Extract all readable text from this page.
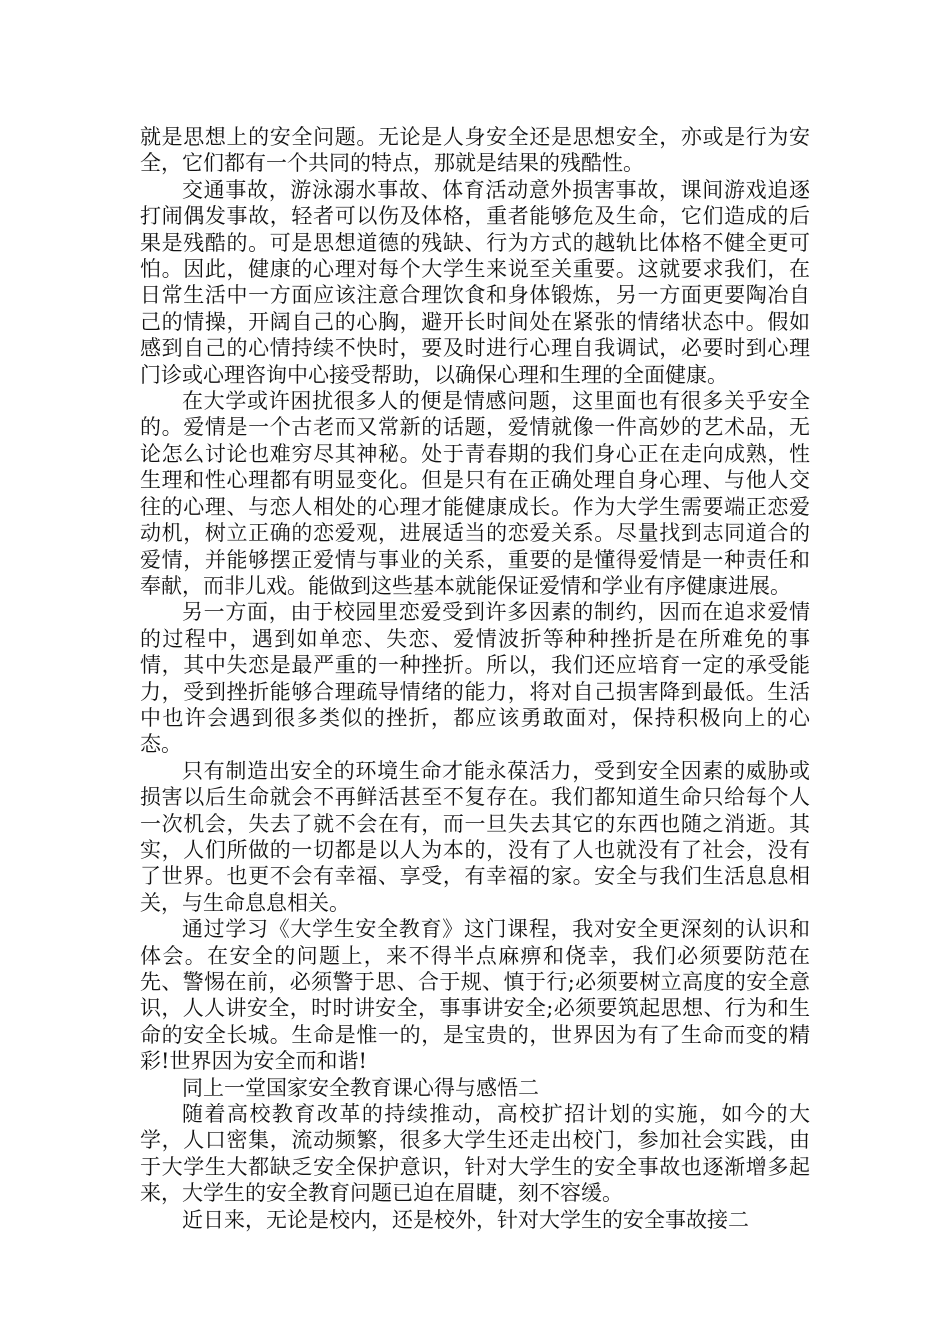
就是思想上的安全问题。无论是人身安全还是思想安全，亦或是行为安全，它们都有一个共同的特点，那就是结果的残酷性。

交通事故，游泳溺水事故、体育活动意外损害事故，课间游戏追逐打闹偶发事故，轻者可以伤及体格，重者能够危及生命，它们造成的后果是残酷的。可是思想道德的残缺、行为方式的越轨比体格不健全更可怕。因此，健康的心理对每个大学生来说至关重要。这就要求我们，在日常生活中一方面应该注意合理饮食和身体锻炼，另一方面更要陶冶自己的情操，开阔自己的心胸，避开长时间处在紧张的情绪状态中。假如感到自己的心情持续不快时，要及时进行心理自我调试，必要时到心理门诊或心理咨询中心接受帮助，以确保心理和生理的全面健康。

在大学或许困扰很多人的便是情感问题，这里面也有很多关乎安全的。爱情是一个古老而又常新的话题，爱情就像一件高妙的艺术品，无论怎么讨论也难穷尽其神秘。处于青春期的我们身心正在走向成熟，性生理和性心理都有明显变化。但是只有在正确处理自身心理、与他人交往的心理、与恋人相处的心理才能健康成长。作为大学生需要端正恋爱动机，树立正确的恋爱观，进展适当的恋爱关系。尽量找到志同道合的爱情，并能够摆正爱情与事业的关系，重要的是懂得爱情是一种责任和奉献，而非儿戏。能做到这些基本就能保证爱情和学业有序健康进展。

另一方面，由于校园里恋爱受到许多因素的制约，因而在追求爱情的过程中，遇到如单恋、失恋、爱情波折等种种挫折是在所难免的事情，其中失恋是最严重的一种挫折。所以，我们还应培育一定的承受能力，受到挫折能够合理疏导情绪的能力，将对自己损害降到最低。生活中也许会遇到很多类似的挫折，都应该勇敢面对，保持积极向上的心态。

只有制造出安全的环境生命才能永葆活力，受到安全因素的威胁或损害以后生命就会不再鲜活甚至不复存在。我们都知道生命只给每个人一次机会，失去了就不会在有，而一旦失去其它的东西也随之消逝。其实，人们所做的一切都是以人为本的，没有了人也就没有了社会，没有了世界。也更不会有幸福、享受，有幸福的家。安全与我们生活息息相关，与生命息息相关。

通过学习《大学生安全教育》这门课程，我对安全更深刻的认识和体会。在安全的问题上，来不得半点麻痹和侥幸，我们必须要防范在先、警惕在前，必须警于思、合于规、慎于行;必须要树立高度的安全意识，人人讲安全，时时讲安全，事事讲安全;必须要筑起思想、行为和生命的安全长城。生命是惟一的，是宝贵的，世界因为有了生命而变的精彩!世界因为安全而和谐!

同上一堂国家安全教育课心得与感悟二

随着高校教育改革的持续推动，高校扩招计划的实施，如今的大学，人口密集，流动频繁，很多大学生还走出校门，参加社会实践，由于大学生大都缺乏安全保护意识，针对大学生的安全事故也逐渐增多起来，大学生的安全教育问题已迫在眉睫，刻不容缓。

近日来，无论是校内，还是校外，针对大学生的安全事故接二
